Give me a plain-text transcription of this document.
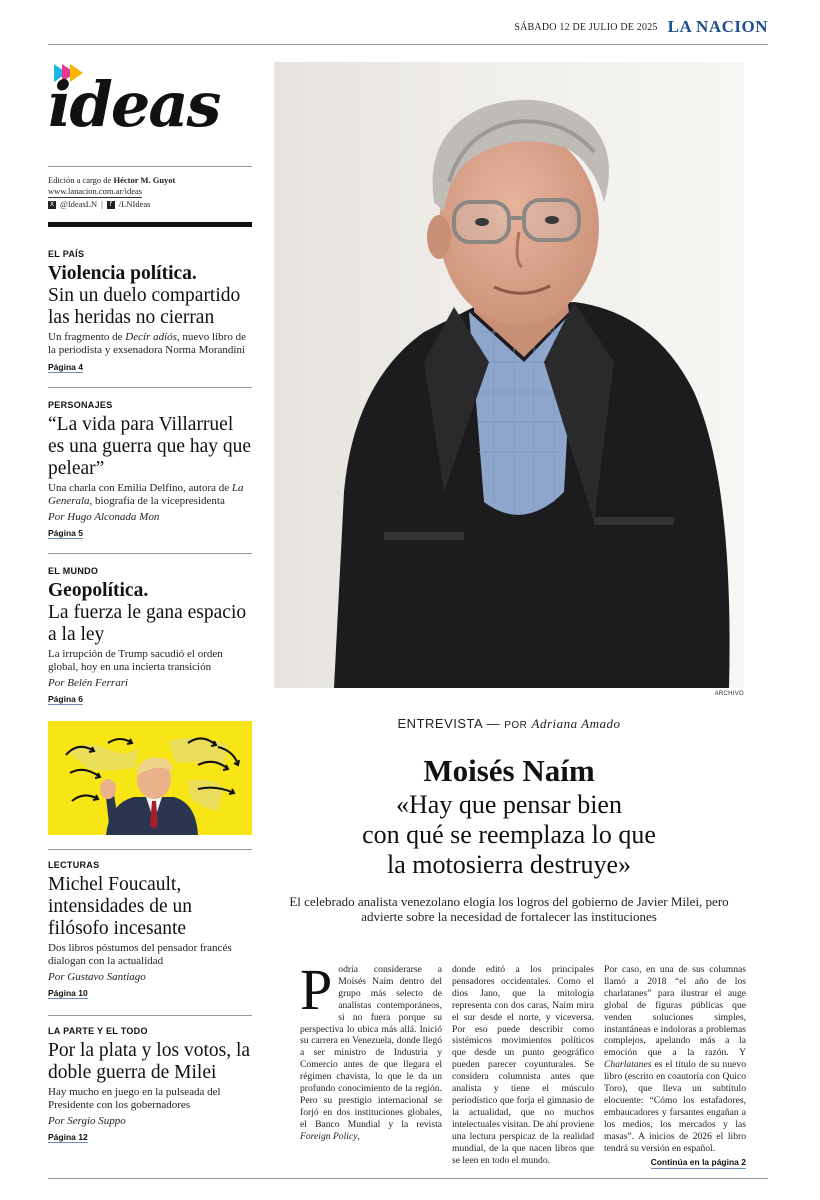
SÁBADO 12 DE JULIO DE 2025 LA NACION
ideas
Edición a cargo de Héctor M. Guyot
www.lanacion.com.ar/ideas
X @IdeasLN |	f /LNIdeas
EL PAÍS
Violencia política.
Sin un duelo compartido las heridas no cierran
Un fragmento de Decir adiós, nuevo libro de la periodista y exsenadora Norma Morandini
Página 4
PERSONAJES
“La vida para Villarruel es una guerra que hay que pelear”
Una charla con Emilia Delfino, autora de La Generala, biografía de la vicepresidenta
Por Hugo Alconada Mon
Página 5
EL MUNDO
Geopolítica.
La fuerza le gana espacio a la ley
La irrupción de Trump sacudió el orden global, hoy en una incierta transición
Por Belén Ferrari
Página 6
LECTURAS
Michel Foucault, intensidades de un filósofo incesante
Dos libros póstumos del pensador francés dialogan con la actualidad
Por Gustavo Santiago
Página 10
LA PARTE Y EL TODO
Por la plata y los votos, la doble guerra de Milei
Hay mucho en juego en la pulseada del Presidente con los gobernadores
Por Sergio Suppo
Página 12
ARCHIVO
ENTREVISTA — POR Adriana Amado
Moisés Naím
«Hay que pensar bien
con qué se reemplaza lo que
la motosierra destruye»
El celebrado analista venezolano elogia los logros del gobierno de Javier Milei, pero advierte sobre la necesidad de fortalecer las instituciones
Podría considerarse a Moisés Naím dentro del grupo más selecto de analistas contemporáneos, si no fuera porque su perspectiva lo ubica más allá. Inició su carrera en Venezuela, donde llegó a ser ministro de Industria y Comercio antes de que llegara el régimen chavista, lo que le da un profundo conocimiento de la región. Pero su prestigio internacional se forjó en dos instituciones globales, el Banco Mundial y la revista Foreign Policy,
donde editó a los principales pensadores occidentales. Como el dios Jano, que la mitología representa con dos caras, Naím mira el sur desde el norte, y viceversa. Por eso puede describir como sistémicos movimientos políticos que desde un punto geográfico pueden parecer coyunturales. Se considera columnista antes que analista y tiene el músculo periodístico que forja el gimnasio de la actualidad, que no muchos intelectuales visitan. De ahí proviene una lectura perspicaz de la realidad mundial, de la que nacen libros que se leen en todo el mundo.
Por caso, en una de sus columnas llamó a 2018 “el año de los charlatanes” para ilustrar el auge global de figuras públicas que venden soluciones simples, instantáneas e indoloras a problemas complejos, apelando más a la emoción que a la razón. Y Charlatanes es el título de su nuevo libro (escrito en coautoría con Quico Toro), que lleva un subtítulo elocuente: “Cómo los estafadores, embaucadores y farsantes engañan a los medios, los mercados y las masas”. A inicios de 2026 el libro tendrá su versión en español.
Continúa en la página 2
